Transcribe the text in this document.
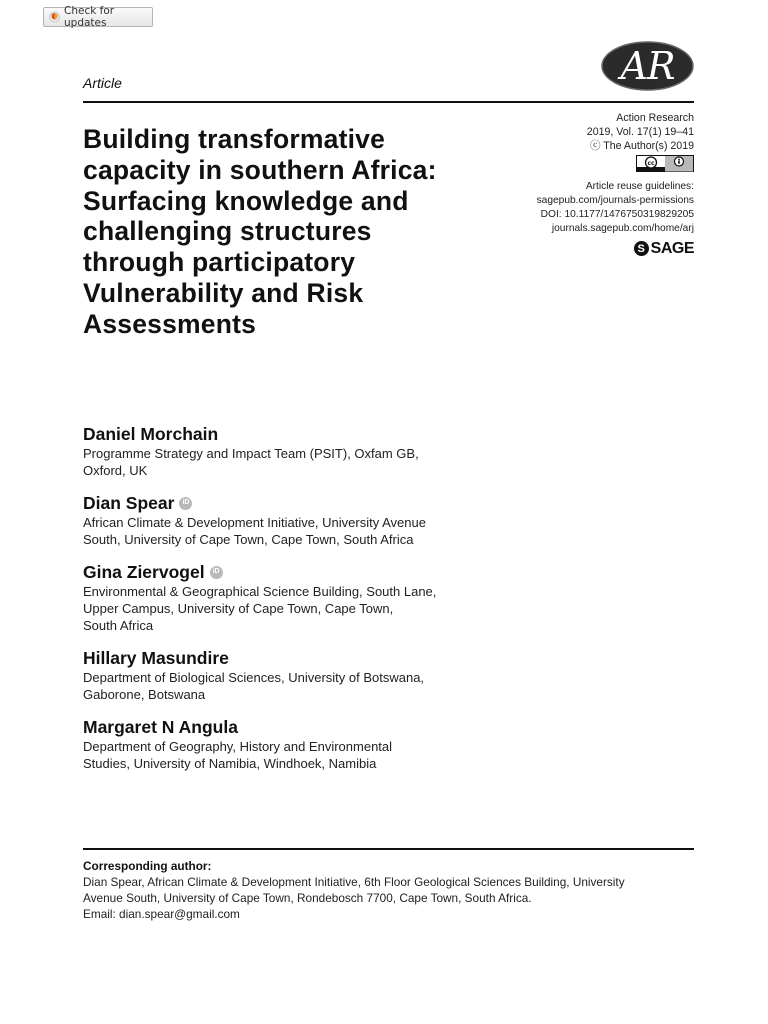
Check for updates
AR
Article
Building transformative capacity in southern Africa: Surfacing knowledge and challenging structures through participatory Vulnerability and Risk Assessments
Action Research
2019, Vol. 17(1) 19–41
ⓒ The Author(s) 2019
cc
Article reuse guidelines:
sagepub.com/journals-permissions
DOI: 10.1177/1476750319829205
journals.sagepub.com/home/arj
S SAGE
Daniel Morchain
Programme Strategy and Impact Team (PSIT), Oxfam GB,
Oxford, UK
Dian Spear	iD
African Climate & Development Initiative, University Avenue
South, University of Cape Town, Cape Town, South Africa
Gina Ziervogel	iD
Environmental & Geographical Science Building, South Lane,
Upper Campus, University of Cape Town, Cape Town,
South Africa
Hillary Masundire
Department of Biological Sciences, University of Botswana,
Gaborone, Botswana
Margaret N Angula
Department of Geography, History and Environmental
Studies, University of Namibia, Windhoek, Namibia
Corresponding author:
Dian Spear, African Climate & Development Initiative, 6th Floor Geological Sciences Building, University
Avenue South, University of Cape Town, Rondebosch 7700, Cape Town, South Africa.
Email: dian.spear@gmail.com
